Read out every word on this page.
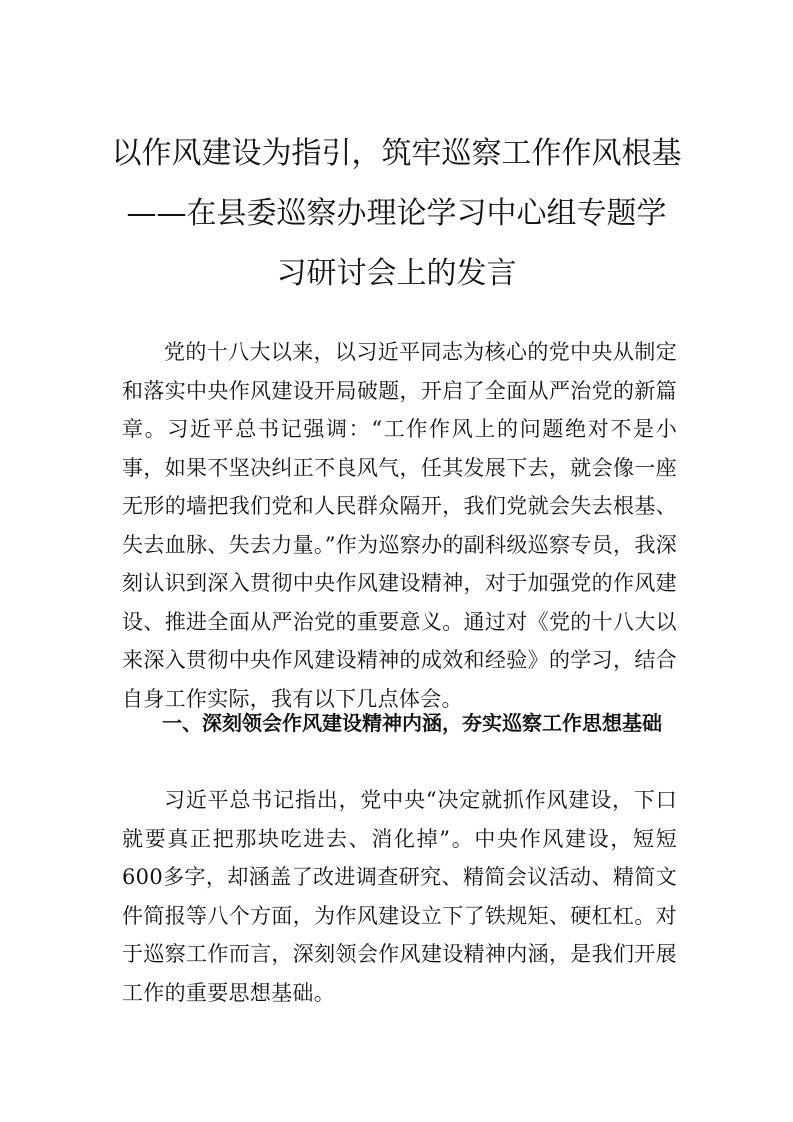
以作风建设为指引，筑牢巡察工作作风根基
——在县委巡察办理论学习中心组专题学
习研讨会上的发言

党的十八大以来，以习近平同志为核心的党中央从制定和落实中央作风建设开局破题，开启了全面从严治党的新篇章。习近平总书记强调：“工作作风上的问题绝对不是小事，如果不坚决纠正不良风气，任其发展下去，就会像一座无形的墙把我们党和人民群众隔开，我们党就会失去根基、失去血脉、失去力量。”作为巡察办的副科级巡察专员，我深刻认识到深入贯彻中央作风建设精神，对于加强党的作风建设、推进全面从严治党的重要意义。通过对《党的十八大以来深入贯彻中央作风建设精神的成效和经验》的学习，结合自身工作实际，我有以下几点体会。

一、深刻领会作风建设精神内涵，夯实巡察工作思想基础

习近平总书记指出，党中央“决定就抓作风建设，下口就要真正把那块吃进去、消化掉”。中央作风建设，短短600多字，却涵盖了改进调查研究、精简会议活动、精简文件简报等八个方面，为作风建设立下了铁规矩、硬杠杠。对于巡察工作而言，深刻领会作风建设精神内涵，是我们开展工作的重要思想基础。
